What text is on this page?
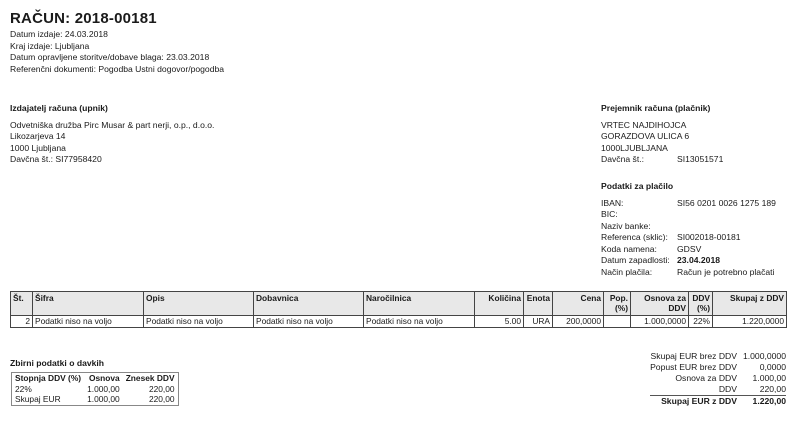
RAČUN: 2018-00181
Datum izdaje: 24.03.2018
Kraj izdaje: Ljubljana
Datum opravljene storitve/dobave blaga: 23.03.2018
Referenčni dokumenti: Pogodba Ustni dogovor/pogodba
Izdajatelj računa (upnik)
Odvetniška družba Pirc Musar & part nerji, o.p., d.o.o.
Likozarjeva 14
1000 Ljubljana
Davčna št.: SI77958420
Prejemnik računa (plačnik)
VRTEC NAJDIHOJCA
GORAZDOVA ULICA 6
1000LJUBLJANA
Davčna št.:	SI13051571
Podatki za plačilo
IBAN:	SI56 0201 0026 1275 189
BIC:
Naziv banke:
Referenca (sklic):	SI002018-00181
Koda namena:	GDSV
Datum zapadlosti: 23.04.2018
Način plačila:	Račun je potrebno plačati
Št.	Šifra	Opis	Dobavnica	Naročilnica	Količina	Enota	Cena	Pop. (%)	Osnova za DDV	DDV (%)	Skupaj z DDV
2	Podatki niso na voljo	Podatki niso na voljo	Podatki niso na voljo	Podatki niso na voljo	5.00	URA	200,0000		1.000,0000	22%	1.220,0000
Zbirni podatki o davkih
Stopnja DDV (%)	Osnova	Znesek DDV
22%	1.000,00	220,00
Skupaj EUR	1.000,00	220,00
Skupaj EUR brez DDV	1.000,0000
Popust EUR brez DDV	0,0000
Osnova za DDV	1.000,00
DDV	220,00
Skupaj EUR z DDV	1.220,00
